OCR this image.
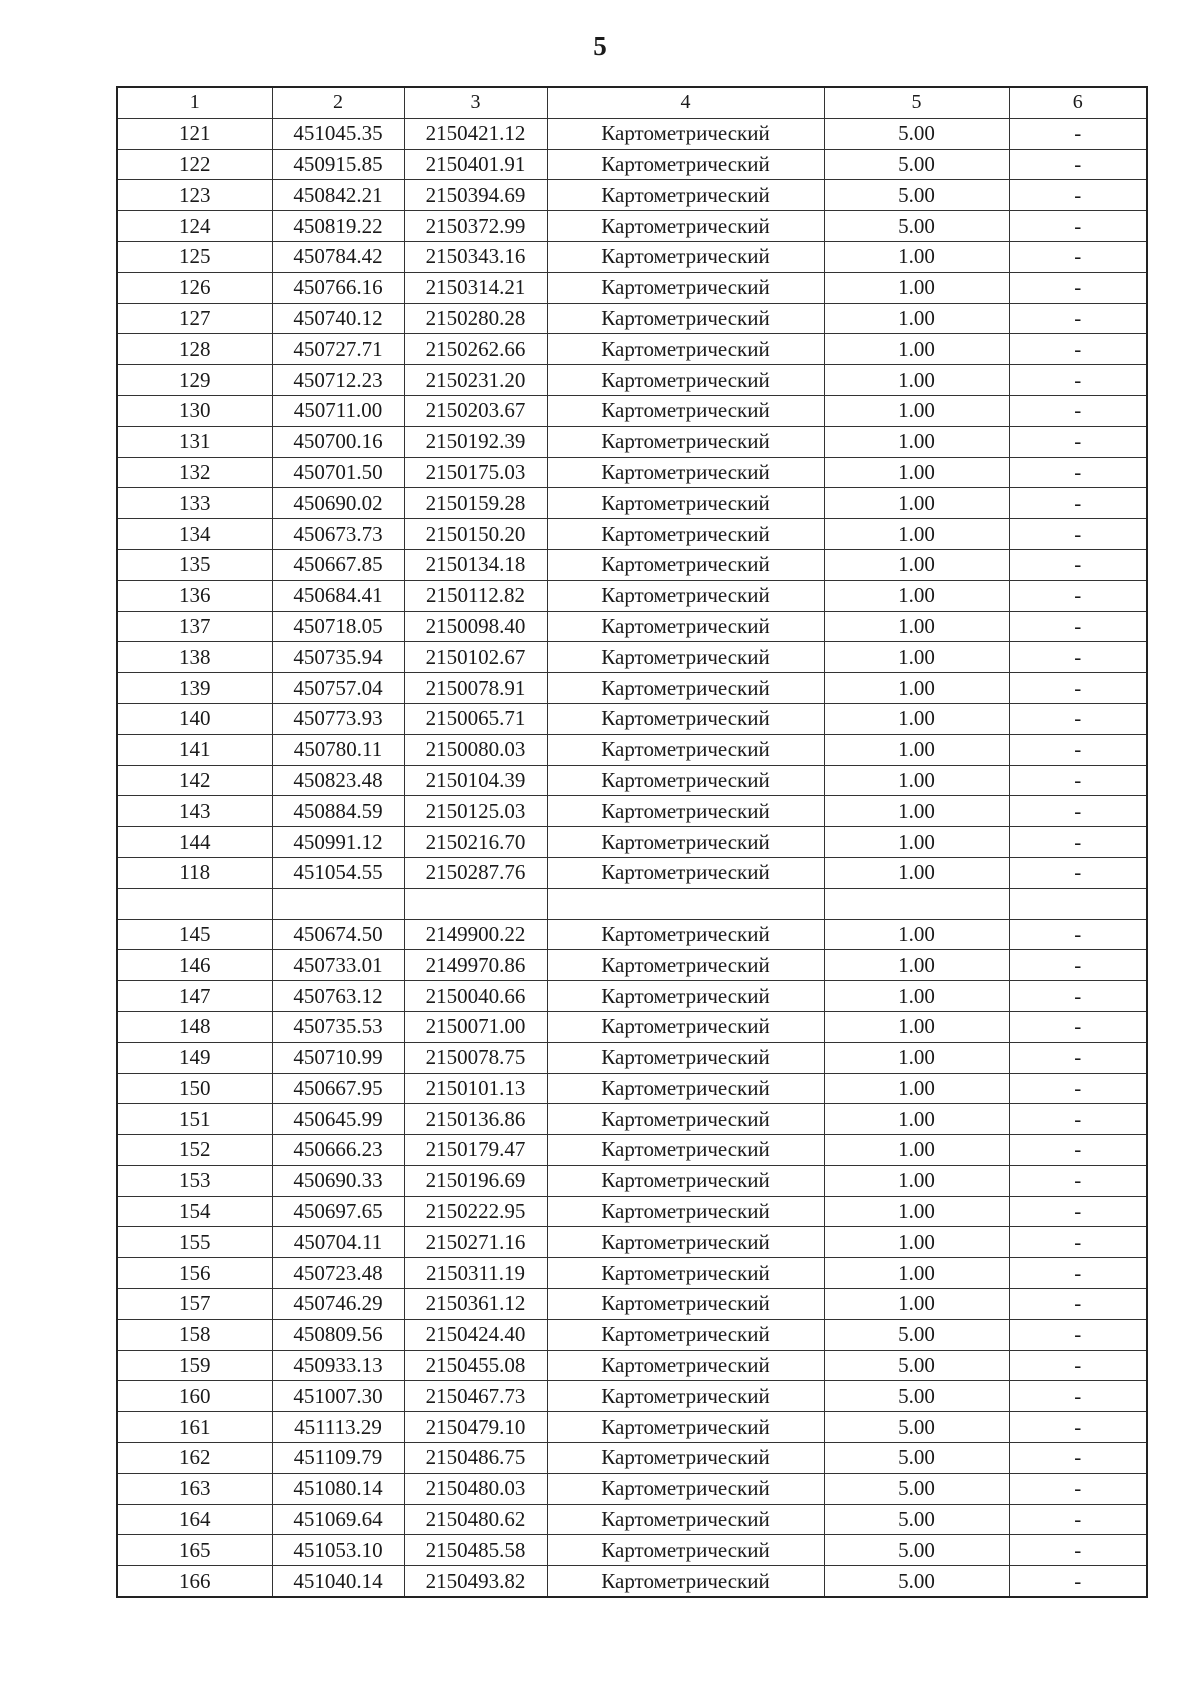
5
1	2	3	4	5	6
121	451045.35	2150421.12	Картометрический	5.00	-
122	450915.85	2150401.91	Картометрический	5.00	-
123	450842.21	2150394.69	Картометрический	5.00	-
124	450819.22	2150372.99	Картометрический	5.00	-
125	450784.42	2150343.16	Картометрический	1.00	-
126	450766.16	2150314.21	Картометрический	1.00	-
127	450740.12	2150280.28	Картометрический	1.00	-
128	450727.71	2150262.66	Картометрический	1.00	-
129	450712.23	2150231.20	Картометрический	1.00	-
130	450711.00	2150203.67	Картометрический	1.00	-
131	450700.16	2150192.39	Картометрический	1.00	-
132	450701.50	2150175.03	Картометрический	1.00	-
133	450690.02	2150159.28	Картометрический	1.00	-
134	450673.73	2150150.20	Картометрический	1.00	-
135	450667.85	2150134.18	Картометрический	1.00	-
136	450684.41	2150112.82	Картометрический	1.00	-
137	450718.05	2150098.40	Картометрический	1.00	-
138	450735.94	2150102.67	Картометрический	1.00	-
139	450757.04	2150078.91	Картометрический	1.00	-
140	450773.93	2150065.71	Картометрический	1.00	-
141	450780.11	2150080.03	Картометрический	1.00	-
142	450823.48	2150104.39	Картометрический	1.00	-
143	450884.59	2150125.03	Картометрический	1.00	-
144	450991.12	2150216.70	Картометрический	1.00	-
118	451054.55	2150287.76	Картометрический	1.00	-

145	450674.50	2149900.22	Картометрический	1.00	-
146	450733.01	2149970.86	Картометрический	1.00	-
147	450763.12	2150040.66	Картометрический	1.00	-
148	450735.53	2150071.00	Картометрический	1.00	-
149	450710.99	2150078.75	Картометрический	1.00	-
150	450667.95	2150101.13	Картометрический	1.00	-
151	450645.99	2150136.86	Картометрический	1.00	-
152	450666.23	2150179.47	Картометрический	1.00	-
153	450690.33	2150196.69	Картометрический	1.00	-
154	450697.65	2150222.95	Картометрический	1.00	-
155	450704.11	2150271.16	Картометрический	1.00	-
156	450723.48	2150311.19	Картометрический	1.00	-
157	450746.29	2150361.12	Картометрический	1.00	-
158	450809.56	2150424.40	Картометрический	5.00	-
159	450933.13	2150455.08	Картометрический	5.00	-
160	451007.30	2150467.73	Картометрический	5.00	-
161	451113.29	2150479.10	Картометрический	5.00	-
162	451109.79	2150486.75	Картометрический	5.00	-
163	451080.14	2150480.03	Картометрический	5.00	-
164	451069.64	2150480.62	Картометрический	5.00	-
165	451053.10	2150485.58	Картометрический	5.00	-
166	451040.14	2150493.82	Картометрический	5.00	-
